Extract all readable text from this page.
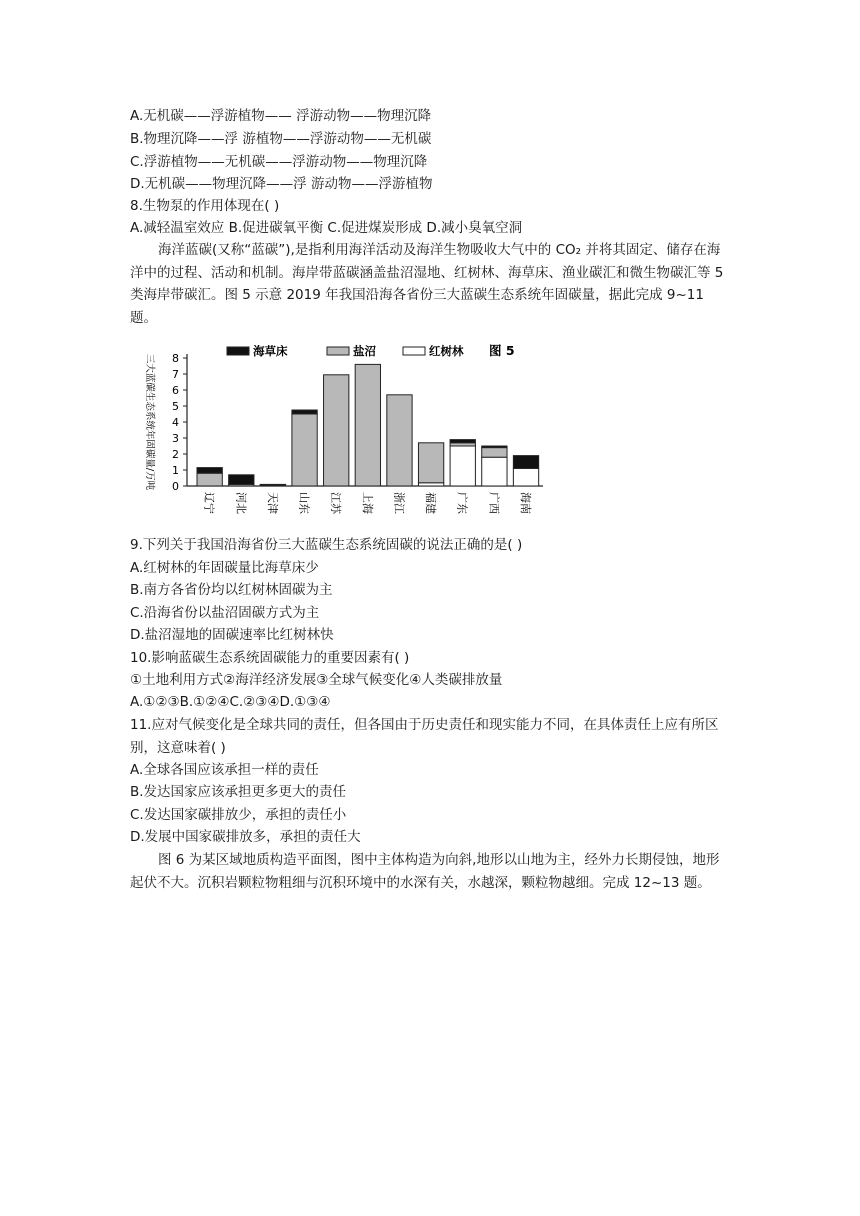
A.无机碳——浮游植物—— 浮游动物——物理沉降
B.物理沉降——浮 游植物——浮游动物——无机碳
C.浮游植物——无机碳——浮游动物——物理沉降
D.无机碳——物理沉降——浮 游动物——浮游植物
8.生物泵的作用体现在( )
A.减轻温室效应 B.促进碳氧平衡 C.促进煤炭形成 D.减小臭氧空洞
海洋蓝碳(又称“蓝碳”),是指利用海洋活动及海洋生物吸收大气中的 CO₂ 并将其固定、储存在海洋中的过程、活动和机制。海岸带蓝碳涵盖盐沼湿地、红树林、海草床、渔业碳汇和微生物碳汇等 5 类海岸带碳汇。图 5 示意 2019 年我国沿海各省份三大蓝碳生态系统年固碳量，据此完成 9~11 题。
三大蓝碳生态系统年固碳量/万吨 0
1
2
3
4
5
6
7
8
辽宁 河北 天津 山东 江苏 上海 浙江 福建 广东 广西 海南
海草床	盐沼	红树林 图 5
9.下列关于我国沿海省份三大蓝碳生态系统固碳的说法正确的是( )
A.红树林的年固碳量比海草床少
B.南方各省份均以红树林固碳为主
C.沿海省份以盐沼固碳方式为主
D.盐沼湿地的固碳速率比红树林快
10.影响蓝碳生态系统固碳能力的重要因素有( )
①土地利用方式②海洋经济发展③全球气候变化④人类碳排放量
A.①②③B.①②④C.②③④D.①③④
11.应对气候变化是全球共同的责任，但各国由于历史责任和现实能力不同，在具体责任上应有所区别，这意味着( )
A.全球各国应该承担一样的责任
B.发达国家应该承担更多更大的责任
C.发达国家碳排放少，承担的责任小
D.发展中国家碳排放多，承担的责任大
图 6 为某区域地质构造平面图，图中主体构造为向斜,地形以山地为主，经外力长期侵蚀，地形起伏不大。沉积岩颗粒物粗细与沉积环境中的水深有关，水越深，颗粒物越细。完成 12~13 题。
